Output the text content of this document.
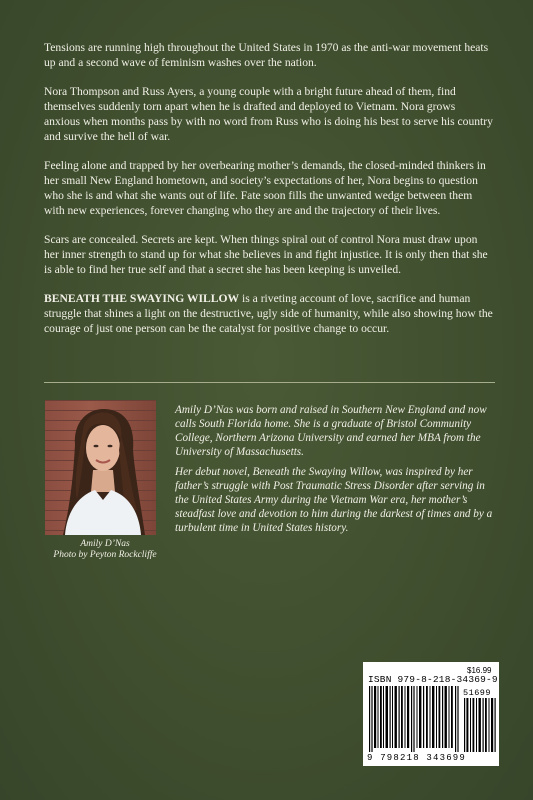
Tensions are running high throughout the United States in 1970 as the anti-war movement heats up and a second wave of feminism washes over the nation.

Nora Thompson and Russ Ayers, a young couple with a bright future ahead of them, find themselves suddenly torn apart when he is drafted and deployed to Vietnam. Nora grows anxious when months pass by with no word from Russ who is doing his best to serve his country and survive the hell of war.

Feeling alone and trapped by her overbearing mother’s demands, the closed-minded thinkers in her small New England hometown, and society’s expectations of her, Nora begins to question who she is and what she wants out of life. Fate soon fills the unwanted wedge between them with new experiences, forever changing who they are and the trajectory of their lives.

Scars are concealed. Secrets are kept. When things spiral out of control Nora must draw upon her inner strength to stand up for what she believes in and fight injustice. It is only then that she is able to find her true self and that a secret she has been keeping is unveiled.

BENEATH THE SWAYING WILLOW is a riveting account of love, sacrifice and human struggle that shines a light on the destructive, ugly side of humanity, while also showing how the courage of just one person can be the catalyst for positive change to occur.

Amily D’Nas
Photo by Peyton Rockcliffe

Amily D’Nas was born and raised in Southern New England and now calls South Florida home. She is a graduate of Bristol Community College, Northern Arizona University and earned her MBA from the University of Massachusetts.

Her debut novel, Beneath the Swaying Willow, was inspired by her father’s struggle with Post Traumatic Stress Disorder after serving in the United States Army during the Vietnam War era, her mother’s steadfast love and devotion to him during the darkest of times and by a turbulent time in United States history.

$16.99
ISBN 979-8-218-34369-9
51699
9 798218 343699
